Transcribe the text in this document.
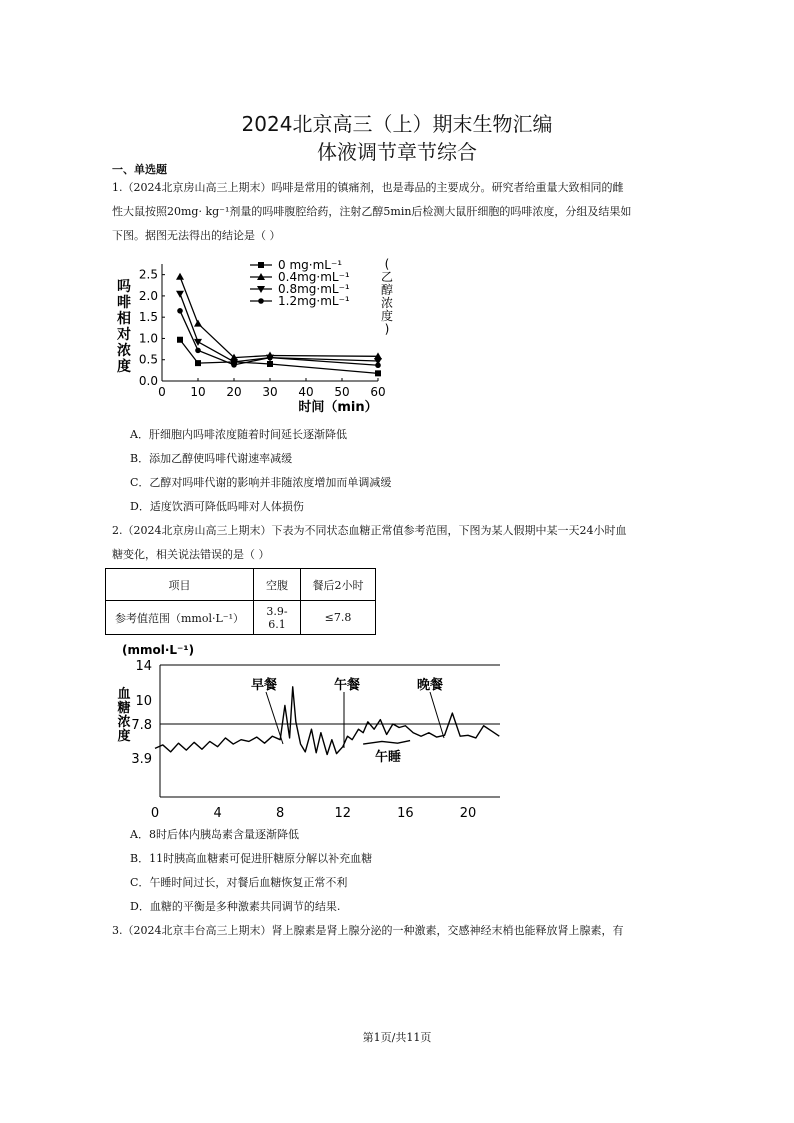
2024北京高三（上）期末生物汇编
体液调节章节综合
一、单选题
1.（2024北京房山高三上期末）吗啡是常用的镇痛剂，也是毒品的主要成分。研究者给重量大致相同的雌
性大鼠按照20mg· kg⁻¹剂量的吗啡腹腔给药，注射乙醇5min后检测大鼠肝细胞的吗啡浓度，分组及结果如
下图。据图无法得出的结论是（ ）
0.0
0.5
1.0
1.5
2.0
2.5
0 10 20 30 40 50 60
吗
啡
相
对
浓
度
时间（min）
(
乙
醇
浓
度
)
0 mg·mL⁻¹
0.4mg·mL⁻¹
0.8mg·mL⁻¹
1.2mg·mL⁻¹
A．肝细胞内吗啡浓度随着时间延长逐渐降低
B．添加乙醇使吗啡代谢速率减缓
C．乙醇对吗啡代谢的影响并非随浓度增加而单调减缓
D．适度饮酒可降低吗啡对人体损伤
2.（2024北京房山高三上期末）下表为不同状态血糖正常值参考范围，下图为某人假期中某一天24小时血
糖变化，相关说法错误的是（ ）
项目	空腹	餐后2小时
参考值范围（mmol·L⁻¹）	3.9-6.1	≤7.8
3.9
7.8
10
14
(mmol·L⁻¹)
血
糖
浓
度
0	4	8	12	16	20
早餐	午餐	晚餐
午睡
A．8时后体内胰岛素含量逐渐降低
B．11时胰高血糖素可促进肝糖原分解以补充血糖
C．午睡时间过长，对餐后血糖恢复正常不利
D．血糖的平衡是多种激素共同调节的结果.
3.（2024北京丰台高三上期末）肾上腺素是肾上腺分泌的一种激素，交感神经末梢也能释放肾上腺素，有
第1页/共11页
